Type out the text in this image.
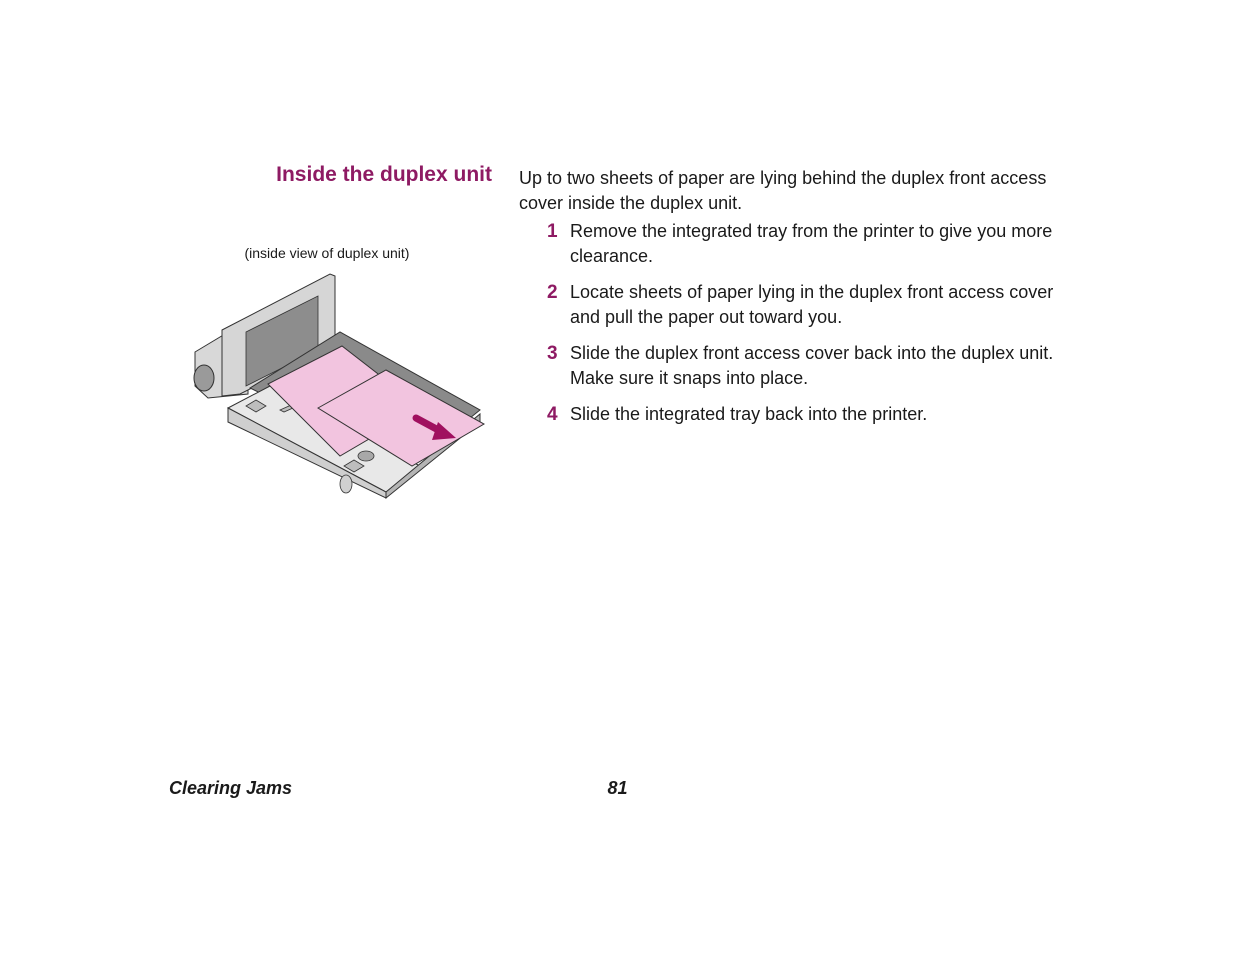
Inside the duplex unit
(inside view of duplex unit)

Up to two sheets of paper are lying behind the duplex front access cover inside the duplex unit.

1 Remove the integrated tray from the printer to give you more clearance.
2 Locate sheets of paper lying in the duplex front access cover and pull the paper out toward you.
3 Slide the duplex front access cover back into the duplex unit. Make sure it snaps into place.
4 Slide the integrated tray back into the printer.
Clearing Jams	81
